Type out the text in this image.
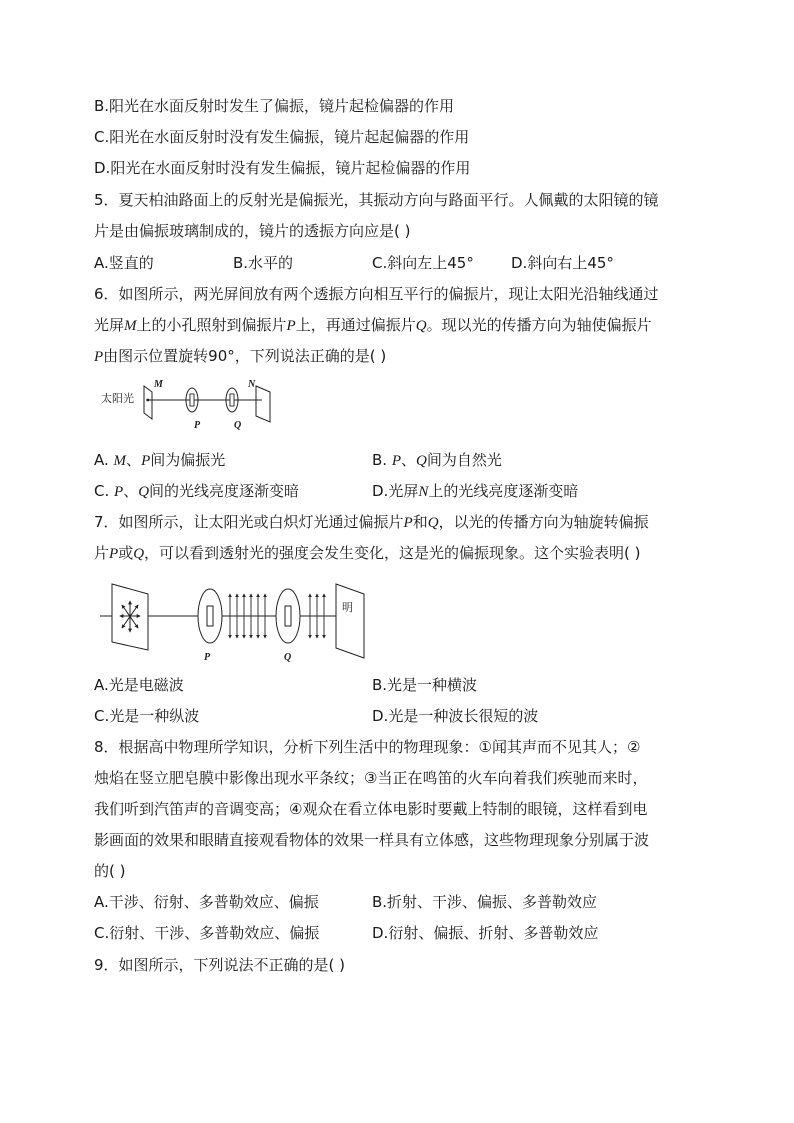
B.阳光在水面反射时发生了偏振，镜片起检偏器的作用
C.阳光在水面反射时没有发生偏振，镜片起起偏器的作用
D.阳光在水面反射时没有发生偏振，镜片起检偏器的作用
5．夏天柏油路面上的反射光是偏振光，其振动方向与路面平行。人佩戴的太阳镜的镜
片是由偏振玻璃制成的，镜片的透振方向应是( )
A.竖直的	B.水平的	C.斜向左上45° D.斜向右上45°
6．如图所示，两光屏间放有两个透振方向相互平行的偏振片，现让太阳光沿轴线通过
光屏M上的小孔照射到偏振片P上，再通过偏振片Q。现以光的传播方向为轴使偏振片
P由图示位置旋转90°，下列说法正确的是( )
太阳光
M	N
P	Q
A. M、P间为偏振光	B. P、Q间为自然光
C. P、Q间的光线亮度逐渐变暗	D.光屏N上的光线亮度逐渐变暗
7．如图所示，让太阳光或白炽灯光通过偏振片P和Q，以光的传播方向为轴旋转偏振
片P或Q，可以看到透射光的强度会发生变化，这是光的偏振现象。这个实验表明( )
明
P	Q
A.光是电磁波	B.光是一种横波
C.光是一种纵波	D.光是一种波长很短的波
8．根据高中物理所学知识，分析下列生活中的物理现象：①闻其声而不见其人；②
烛焰在竖立肥皂膜中影像出现水平条纹；③当正在鸣笛的火车向着我们疾驰而来时，
我们听到汽笛声的音调变高；④观众在看立体电影时要戴上特制的眼镜，这样看到电
影画面的效果和眼睛直接观看物体的效果一样具有立体感，这些物理现象分别属于波
的( )
A.干涉、衍射、多普勒效应、偏振	B.折射、干涉、偏振、多普勒效应
C.衍射、干涉、多普勒效应、偏振	D.衍射、偏振、折射、多普勒效应
9．如图所示，下列说法不正确的是( )
